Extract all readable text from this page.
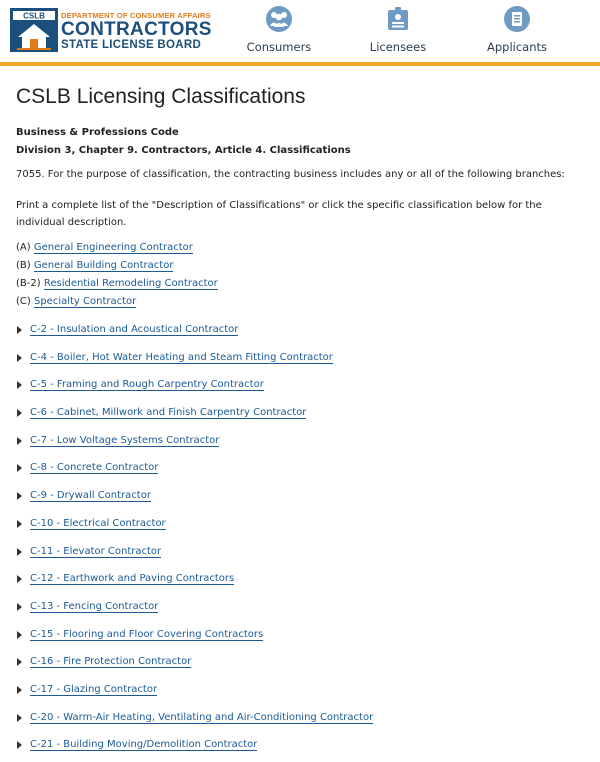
CSLB DEPARTMENT OF CONSUMER AFFAIRS
CONTRACTORS
STATE LICENSE BOARD	Consumers	Licensees	Applicants
CSLB Licensing Classifications
Business & Professions Code
Division 3, Chapter 9. Contractors, Article 4. Classifications

7055. For the purpose of classification, the contracting business includes any or all of the following branches:

Print a complete list of the "Description of Classifications" or click the specific classification below for the individual description.

(A) General Engineering Contractor
(B) General Building Contractor
(B-2) Residential Remodeling Contractor
(C) Specialty Contractor
C-2 - Insulation and Acoustical Contractor
C-4 - Boiler, Hot Water Heating and Steam Fitting Contractor
C-5 - Framing and Rough Carpentry Contractor
C-6 - Cabinet, Millwork and Finish Carpentry Contractor
C-7 - Low Voltage Systems Contractor
C-8 - Concrete Contractor
C-9 - Drywall Contractor
C-10 - Electrical Contractor
C-11 - Elevator Contractor
C-12 - Earthwork and Paving Contractors
C-13 - Fencing Contractor
C-15 - Flooring and Floor Covering Contractors
C-16 - Fire Protection Contractor
C-17 - Glazing Contractor
C-20 - Warm-Air Heating, Ventilating and Air-Conditioning Contractor
C-21 - Building Moving/Demolition Contractor
